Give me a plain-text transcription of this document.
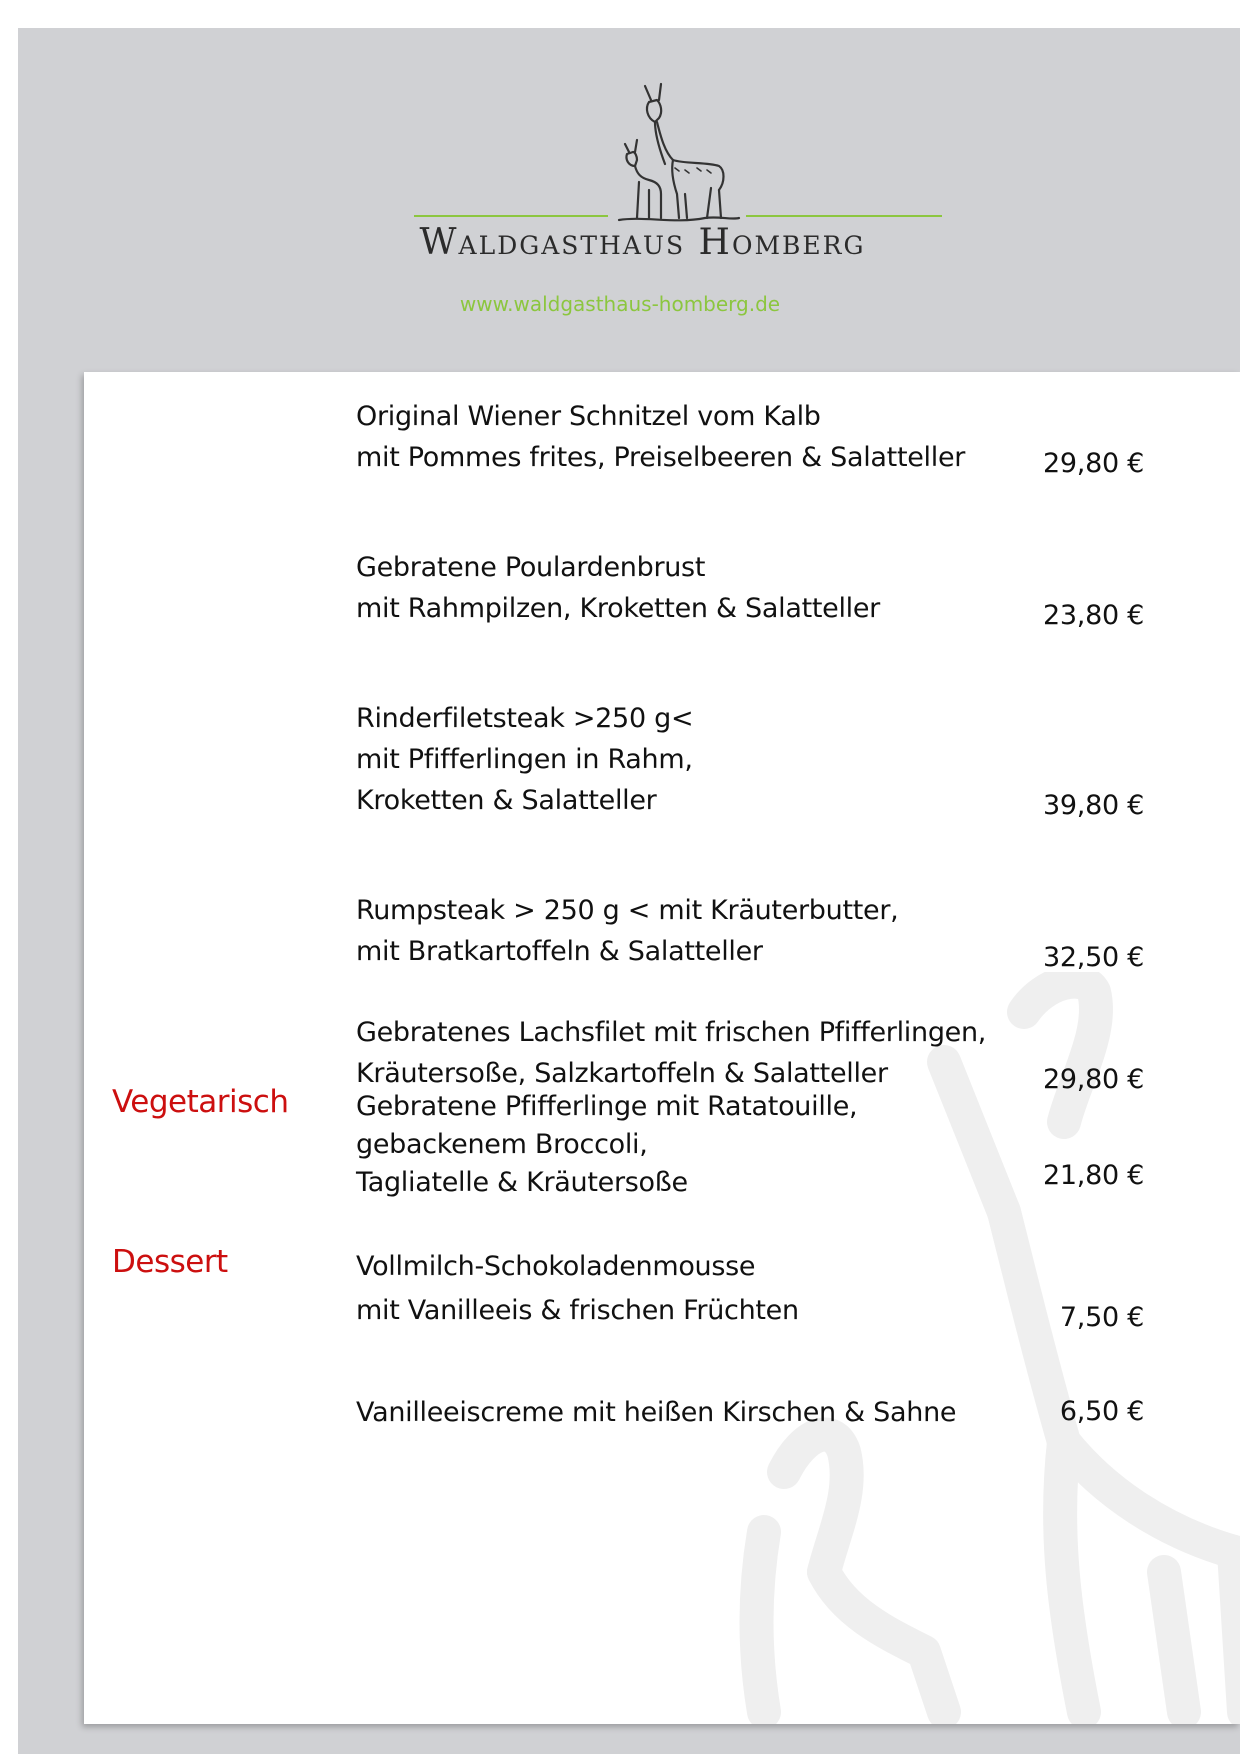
Waldgasthaus Homberg
www.waldgasthaus-homberg.de
Vegetarisch
Dessert
Original Wiener Schnitzel vom Kalb
mit Pommes frites, Preiselbeeren & Salatteller	29,80 €
Gebratene Poulardenbrust
mit Rahmpilzen, Kroketten & Salatteller	23,80 €
Rinderfiletsteak >250 g<
mit Pfifferlingen in Rahm,
Kroketten & Salatteller	39,80 €
Rumpsteak > 250 g < mit Kräuterbutter,
mit Bratkartoffeln & Salatteller	32,50 €
Gebratenes Lachsfilet mit frischen Pfifferlingen,
Kräutersoße, Salzkartoffeln & Salatteller	29,80 €
Gebratene Pfifferlinge mit Ratatouille,
gebackenem Broccoli,
Tagliatelle & Kräutersoße	21,80 €
Vollmilch-Schokoladenmousse
mit Vanilleeis & frischen Früchten	7,50 €
Vanilleeiscreme mit heißen Kirschen & Sahne	6,50 €
